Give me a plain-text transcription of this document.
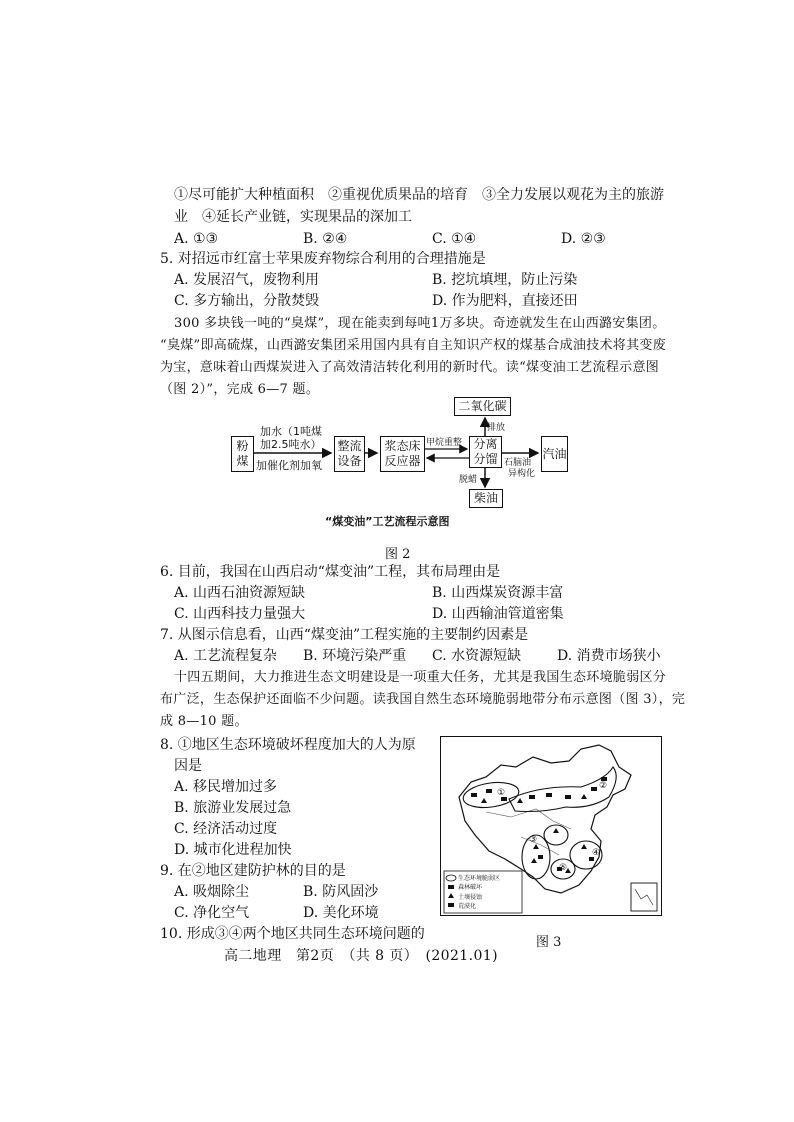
①尽可能扩大种植面积　②重视优质果品的培育　③全力发展以观花为主的旅游
业　④延长产业链，实现果品的深加工
A. ①③	B. ②④	C. ①④	D. ②③
5. 对招远市红富士苹果废弃物综合利用的合理措施是
A. 发展沼气，废物利用	B. 挖坑填埋，防止污染
C. 多方输出，分散焚毁	D. 作为肥料，直接还田
300 多块钱一吨的“臭煤”，现在能卖到每吨1万多块。奇迹就发生在山西潞安集团。
“臭煤”即高硫煤，山西潞安集团采用国内具有自主知识产权的煤基合成油技术将其变废
为宝，意味着山西煤炭进入了高效清洁转化利用的新时代。读“煤变油工艺流程示意图
（图 2）”，完成 6—7 题。
粉煤
整流设备
浆态床反应器
分离分馏
二氧化碳
汽油
柴油
加水（1吨煤加2.5吨水）
加催化剂加氧
甲烷重整
排放
脱蜡
石脑油
异构化
“煤变油”工艺流程示意图
图 2
6. 目前，我国在山西启动“煤变油”工程，其布局理由是
A. 山西石油资源短缺	B. 山西煤炭资源丰富
C. 山西科技力量强大	D. 山西输油管道密集
7. 从图示信息看，山西“煤变油”工程实施的主要制约因素是
A. 工艺流程复杂 B. 环境污染严重 C. 水资源短缺	D. 消费市场狭小
十四五期间，大力推进生态文明建设是一项重大任务，尤其是我国生态环境脆弱区分
布广泛，生态保护还面临不少问题。读我国自然生态环境脆弱地带分布示意图（图 3），完
成 8—10 题。
8. ①地区生态环境破坏程度加大的人为原
因是
A. 移民增加过多
B. 旅游业发展过急
C. 经济活动过度
D. 城市化进程加快
9. 在②地区建防护林的目的是
A. 吸烟除尘	B. 防风固沙
C. 净化空气	D. 美化环境
10. 形成③④两个地区共同生态环境问题的
①
②
③
④
⑤
生态环境脆弱区
森林破坏
土壤侵蚀
荒漠化
图 3
高二地理　第2页　（共 8 页）　(2021.01)
